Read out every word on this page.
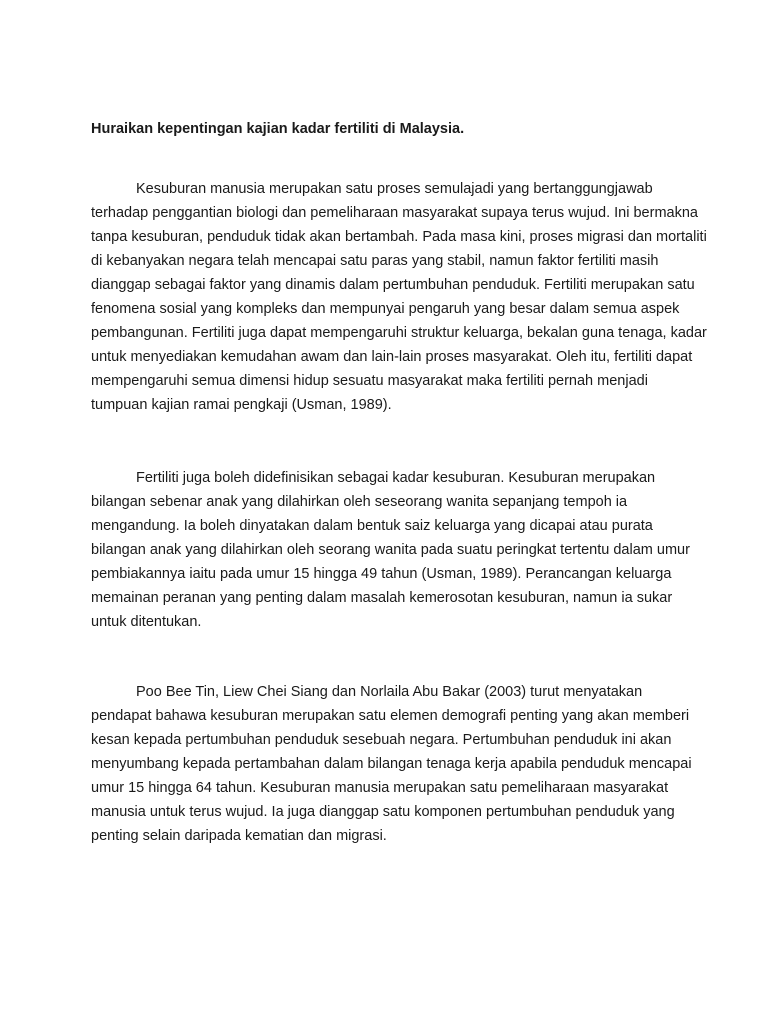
Huraikan kepentingan kajian kadar fertiliti di Malaysia.

Kesuburan manusia merupakan satu proses semulajadi yang bertanggungjawab
terhadap penggantian biologi dan pemeliharaan masyarakat supaya terus wujud. Ini bermakna
tanpa kesuburan, penduduk tidak akan bertambah. Pada masa kini, proses migrasi dan mortaliti
di kebanyakan negara telah mencapai satu paras yang stabil, namun faktor fertiliti masih
dianggap sebagai faktor yang dinamis dalam pertumbuhan penduduk. Fertiliti merupakan satu
fenomena sosial yang kompleks dan mempunyai pengaruh yang besar dalam semua aspek
pembangunan. Fertiliti juga dapat mempengaruhi struktur keluarga, bekalan guna tenaga, kadar
untuk menyediakan kemudahan awam dan lain-lain proses masyarakat. Oleh itu, fertiliti dapat
mempengaruhi semua dimensi hidup sesuatu masyarakat maka fertiliti pernah menjadi
tumpuan kajian ramai pengkaji (Usman, 1989).

Fertiliti juga boleh didefinisikan sebagai kadar kesuburan. Kesuburan merupakan
bilangan sebenar anak yang dilahirkan oleh seseorang wanita sepanjang tempoh ia
mengandung. Ia boleh dinyatakan dalam bentuk saiz keluarga yang dicapai atau purata
bilangan anak yang dilahirkan oleh seorang wanita pada suatu peringkat tertentu dalam umur
pembiakannya iaitu pada umur 15 hingga 49 tahun (Usman, 1989). Perancangan keluarga
memainan peranan yang penting dalam masalah kemerosotan kesuburan, namun ia sukar
untuk ditentukan.

Poo Bee Tin, Liew Chei Siang dan Norlaila Abu Bakar (2003) turut menyatakan
pendapat bahawa kesuburan merupakan satu elemen demografi penting yang akan memberi
kesan kepada pertumbuhan penduduk sesebuah negara. Pertumbuhan penduduk ini akan
menyumbang kepada pertambahan dalam bilangan tenaga kerja apabila penduduk mencapai
umur 15 hingga 64 tahun. Kesuburan manusia merupakan satu pemeliharaan masyarakat
manusia untuk terus wujud. Ia juga dianggap satu komponen pertumbuhan penduduk yang
penting selain daripada kematian dan migrasi.
